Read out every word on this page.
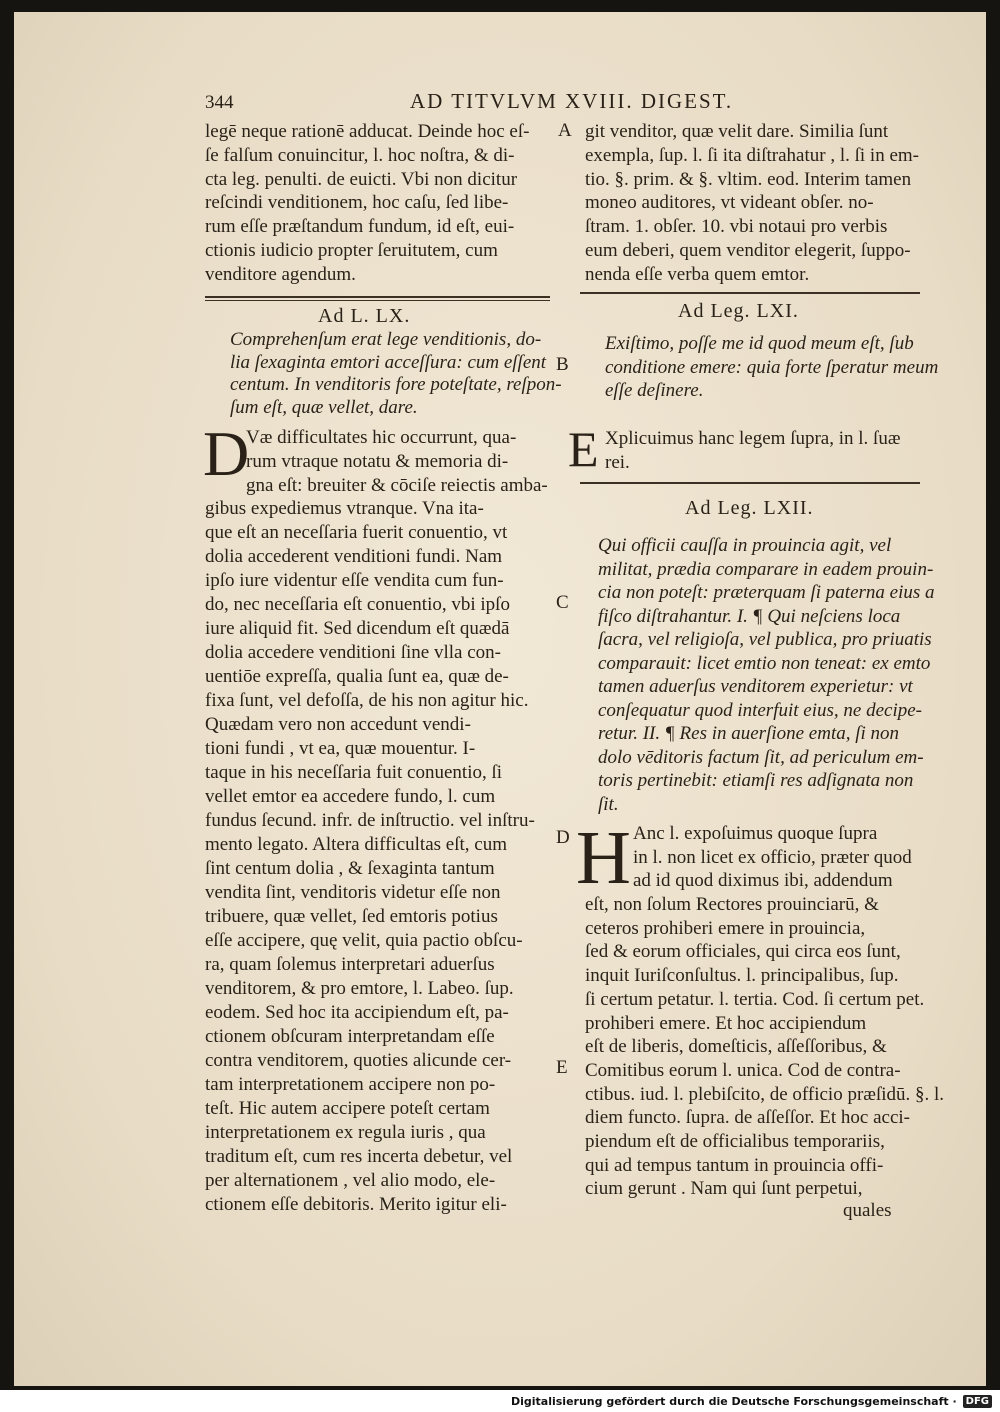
344	AD TITVLVM XVIII. DIGEST.
legē neque rationē adducat. Deinde hoc eſ-
ſe falſum conuincitur, l. hoc noſtra, & di-
cta leg. penulti. de euicti. Vbi non dicitur
reſcindi venditionem, hoc caſu, ſed libe-
rum eſſe præſtandum fundum, id eſt, eui-
ctionis iudicio propter ſeruitutem, cum
venditore agendum.
Ad L. LX.
Comprehenſum erat lege venditionis, do-
lia ſexaginta emtori acceſſura: cum eſſent
centum. In venditoris fore poteſtate, reſpon-
ſum eſt, quæ vellet, dare.
D
Væ difficultates hic occurrunt, qua-
rum vtraque notatu & memoria di-
gna eſt: breuiter & cōciſe reiectis amba-
gibus expediemus vtranque. Vna ita-
que eſt an neceſſaria fuerit conuentio, vt
dolia accederent venditioni fundi. Nam
ipſo iure videntur eſſe vendita cum fun-
do, nec neceſſaria eſt conuentio, vbi ipſo
iure aliquid fit. Sed dicendum eſt quædā
dolia accedere venditioni ſine vlla con-
uentiōe expreſſa, qualia ſunt ea, quæ de-
fixa ſunt, vel defoſſa, de his non agitur hic.
Quædam vero non accedunt vendi-
tioni fundi , vt ea, quæ mouentur. I-
taque in his neceſſaria fuit conuentio, ſi
vellet emtor ea accedere fundo, l. cum
fundus ſecund. infr. de inſtructio. vel inſtru-
mento legato. Altera difficultas eſt, cum
ſint centum dolia , & ſexaginta tantum
vendita ſint, venditoris videtur eſſe non
tribuere, quæ vellet, ſed emtoris potius
eſſe accipere, quę velit, quia pactio obſcu-
ra, quam ſolemus interpretari aduerſus
venditorem, & pro emtore, l. Labeo. ſup.
eodem. Sed hoc ita accipiendum eſt, pa-
ctionem obſcuram interpretandam eſſe
contra venditorem, quoties alicunde cer-
tam interpretationem accipere non po-
teſt. Hic autem accipere poteſt certam
interpretationem ex regula iuris , qua
traditum eſt, cum res incerta debetur, vel
per alternationem , vel alio modo, ele-
ctionem eſſe debitoris. Merito igitur eli-
A
B
C
D
E
git venditor, quæ velit dare. Similia ſunt
exempla, ſup. l. ſi ita diſtrahatur , l. ſi in em-
tio. §. prim. & §. vltim. eod. Interim tamen
moneo auditores, vt videant obſer. no-
ſtram. 1. obſer. 10. vbi notaui pro verbis
eum deberi, quem venditor elegerit, ſuppo-
nenda eſſe verba quem emtor.
Ad Leg. LXI.
Exiſtimo, poſſe me id quod meum eſt, ſub
conditione emere: quia forte ſperatur meum
eſſe deſinere.
E Xplicuimus hanc legem ſupra, in l. ſuæ
rei.
Ad Leg. LXII.
Qui officii cauſſa in prouincia agit, vel
militat, prædia comparare in eadem prouin-
cia non poteſt: præterquam ſi paterna eius a
fiſco diſtrahantur. I. ¶ Qui neſciens loca
ſacra, vel religioſa, vel publica, pro priuatis
comparauit: licet emtio non teneat: ex emto
tamen aduerſus venditorem experietur: vt
conſequatur quod interfuit eius, ne decipe-
retur. II. ¶ Res in auerſione emta, ſi non
dolo vēditoris factum ſit, ad periculum em-
toris pertinebit: etiamſi res adſignata non
ſit.
H Anc l. expoſuimus quoque ſupra
in l. non licet ex officio, præter quod
ad id quod diximus ibi, addendum
eſt, non ſolum Rectores prouinciarū, &
ceteros prohiberi emere in prouincia,
ſed & eorum officiales, qui circa eos ſunt,
inquit Iuriſconſultus. l. principalibus, ſup.
ſi certum petatur. l. tertia. Cod. ſi certum pet.
prohiberi emere. Et hoc accipiendum
eſt de liberis, domeſticis, aſſeſſoribus, &
Comitibus eorum l. unica. Cod de contra-
ctibus. iud. l. plebiſcito, de officio præſidū. §. l.
diem functo. ſupra. de aſſeſſor. Et hoc acci-
piendum eſt de officialibus temporariis,
qui ad tempus tantum in prouincia offi-
cium gerunt . Nam qui ſunt perpetui,
quales
Digitalisierung gefördert durch die Deutsche Forschungsgemeinschaft · DFG
